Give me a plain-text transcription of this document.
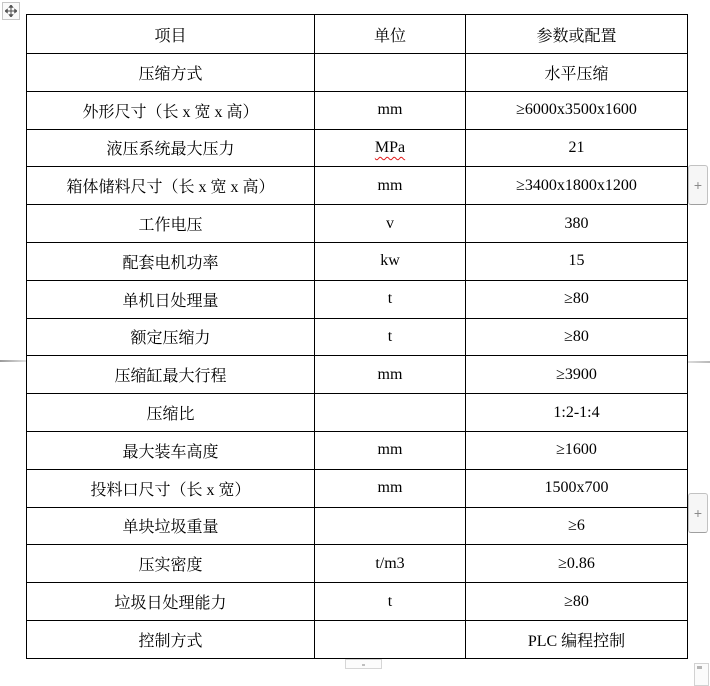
项目	单位	参数或配置
压缩方式		水平压缩
外形尺寸（长 x 宽 x 高）	mm	≥6000x3500x1600
液压系统最大压力	MPa	21
箱体储料尺寸（长 x 宽 x 高）	mm	≥3400x1800x1200
工作电压	v	380
配套电机功率	kw	15
单机日处理量	t	≥80
额定压缩力	t	≥80
压缩缸最大行程	mm	≥3900
压缩比		1:2-1:4
最大装车高度	mm	≥1600
投料口尺寸（长 x 宽）	mm	1500x700
单块垃圾重量		≥6
压实密度	t/m3	≥0.86
垃圾日处理能力	t	≥80
控制方式		PLC 编程控制
+
+
